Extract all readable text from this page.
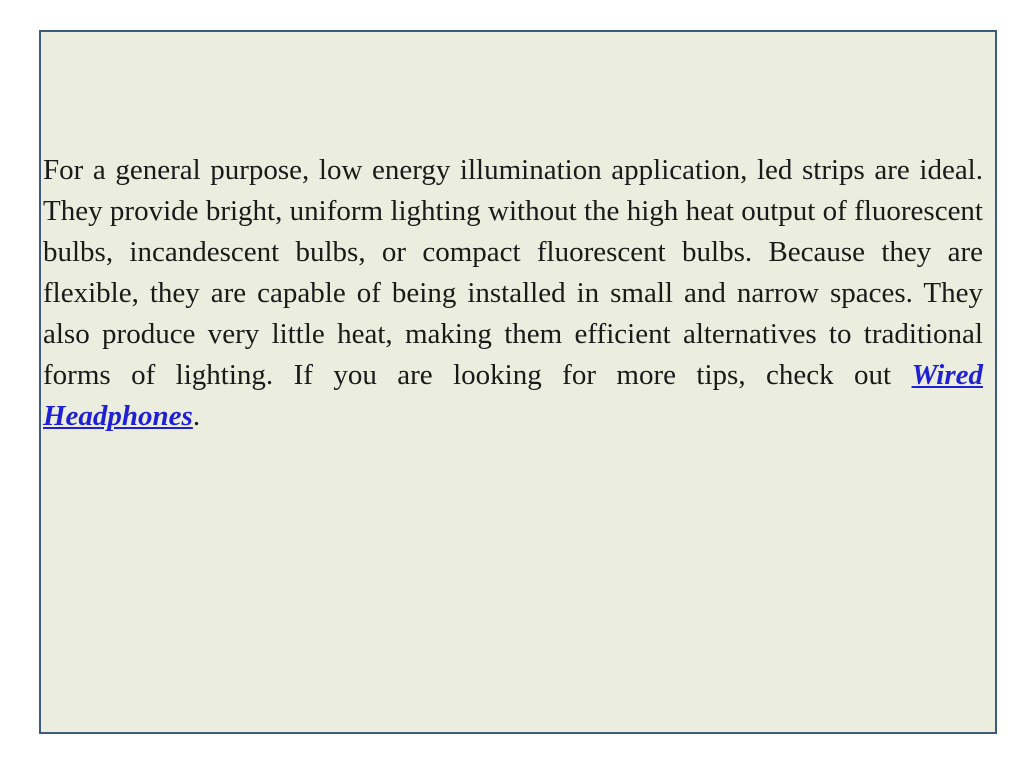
For a general purpose, low energy illumination application, led strips are ideal. They provide bright, uniform lighting without the high heat output of fluorescent bulbs, incandescent bulbs, or compact fluorescent bulbs. Because they are flexible, they are capable of being installed in small and narrow spaces. They also produce very little heat, making them efficient alternatives to traditional forms of lighting. If you are looking for more tips, check out Wired Headphones.
